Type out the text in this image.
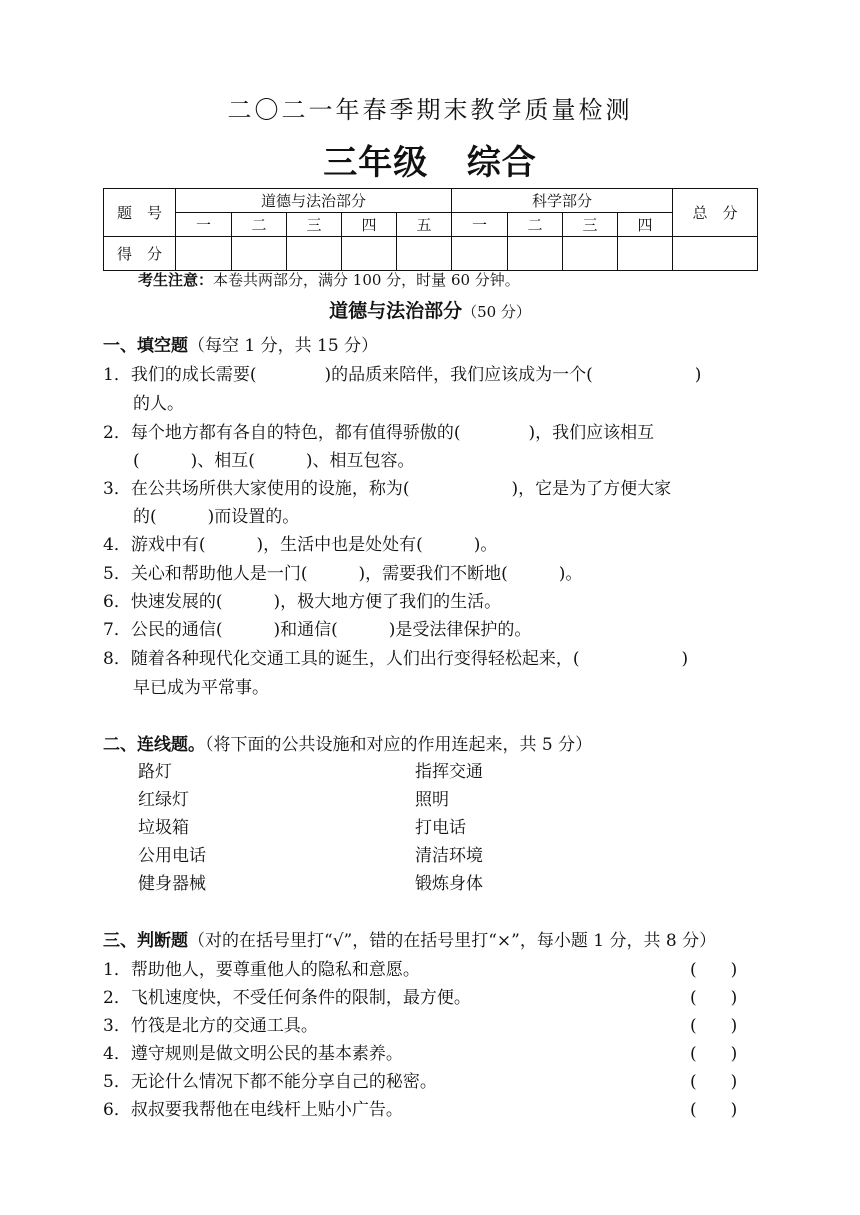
二〇二一年春季期末教学质量检测
三年级   综合
题　号	道德与法治部分					科学部分				总　分
	一	二	三	四	五	一	二	三	四	
得　分										
考生注意：本卷共两部分，满分 100 分，时量 60 分钟。
道德与法治部分（50 分）
一、填空题（每空 1 分，共 15 分）
1．我们的成长需要(　　　　)的品质来陪伴，我们应该成为一个(　　　　　　)
的人。
2．每个地方都有各自的特色，都有值得骄傲的(　　　　)，我们应该相互
(　　　)、相互(　　　)、相互包容。
3．在公共场所供大家使用的设施，称为(　　　　　　)，它是为了方便大家
的(　　　)而设置的。
4．游戏中有(　　　)，生活中也是处处有(　　　)。
5．关心和帮助他人是一门(　　　)，需要我们不断地(　　　)。
6．快速发展的(　　　)，极大地方便了我们的生活。
7．公民的通信(　　　)和通信(　　　)是受法律保护的。
8．随着各种现代化交通工具的诞生，人们出行变得轻松起来，(　　　　　　)
早已成为平常事。
二、连线题。（将下面的公共设施和对应的作用连起来，共 5 分）
路灯	指挥交通
红绿灯	照明
垃圾箱	打电话
公用电话	清洁环境
健身器械	锻炼身体
三、判断题（对的在括号里打“√”，错的在括号里打“×”，每小题 1 分，共 8 分）
1．帮助他人，要尊重他人的隐私和意愿。	(　　)
2．飞机速度快，不受任何条件的限制，最方便。	(　　)
3．竹筏是北方的交通工具。	(　　)
4．遵守规则是做文明公民的基本素养。	(　　)
5．无论什么情况下都不能分享自己的秘密。	(　　)
6．叔叔要我帮他在电线杆上贴小广告。	(　　)
